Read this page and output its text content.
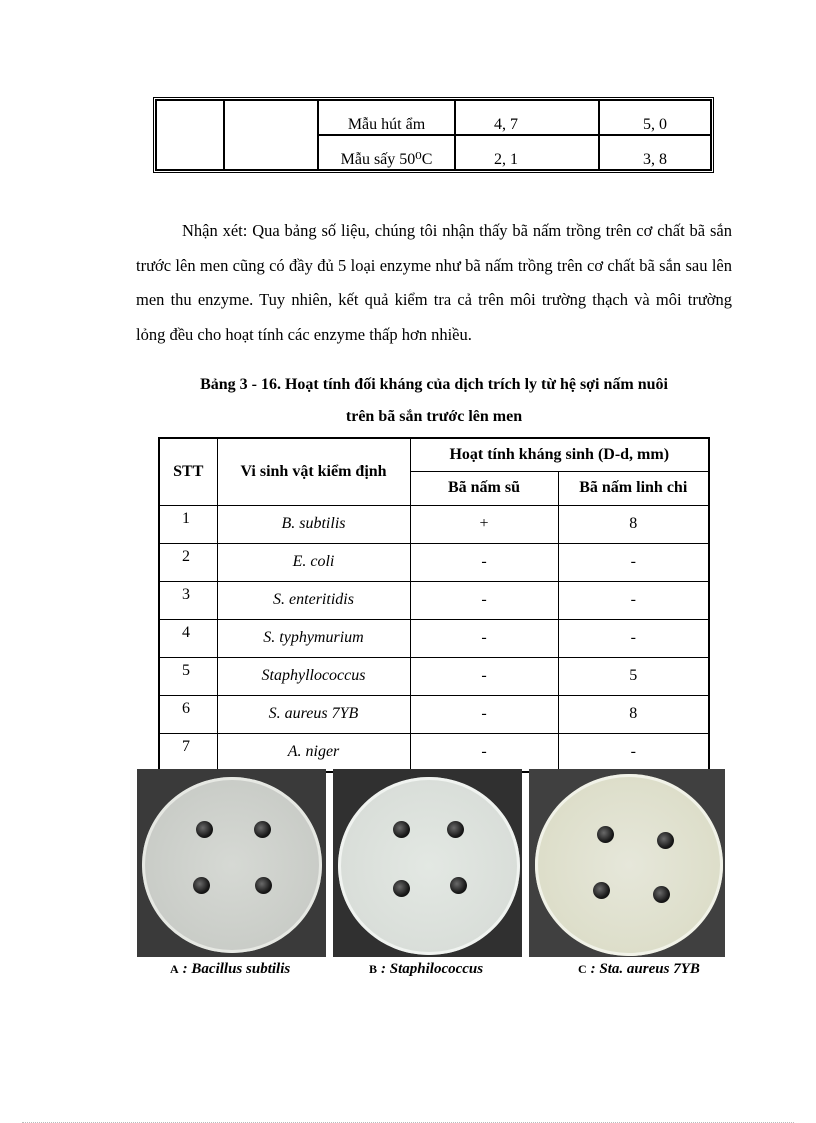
		Mẫu hút ẩm	4, 7	5, 0
		Mẫu sấy 50⁰C	2, 1	3, 8
Nhận xét: Qua bảng số liệu, chúng tôi nhận thấy bã nấm trồng trên cơ chất bã sắn trước lên men cũng có đầy đủ 5 loại enzyme như bã nấm trồng trên cơ chất bã sắn sau lên men thu enzyme. Tuy nhiên, kết quả kiểm tra cả trên môi trường thạch và môi trường lỏng đều cho hoạt tính các enzyme thấp hơn nhiều.
Bảng 3 - 16. Hoạt tính đối kháng của dịch trích ly từ hệ sợi nấm nuôi
trên bã sắn trước lên men
STT	Vi sinh vật kiểm định	Hoạt tính kháng sinh (D-d, mm)	
		Bã nấm sũ	Bã nấm linh chi
1	B. subtilis	+	8
2	E. coli	-	-
3	S. enteritidis	-	-
4	S. typhymurium	-	-
5	Staphyllococcus	-	5
6	S. aureus 7YB	-	8
7	A. niger	-	-
A : Bacillus subtilis	B : Staphilococcus	C : Sta. aureus 7YB
